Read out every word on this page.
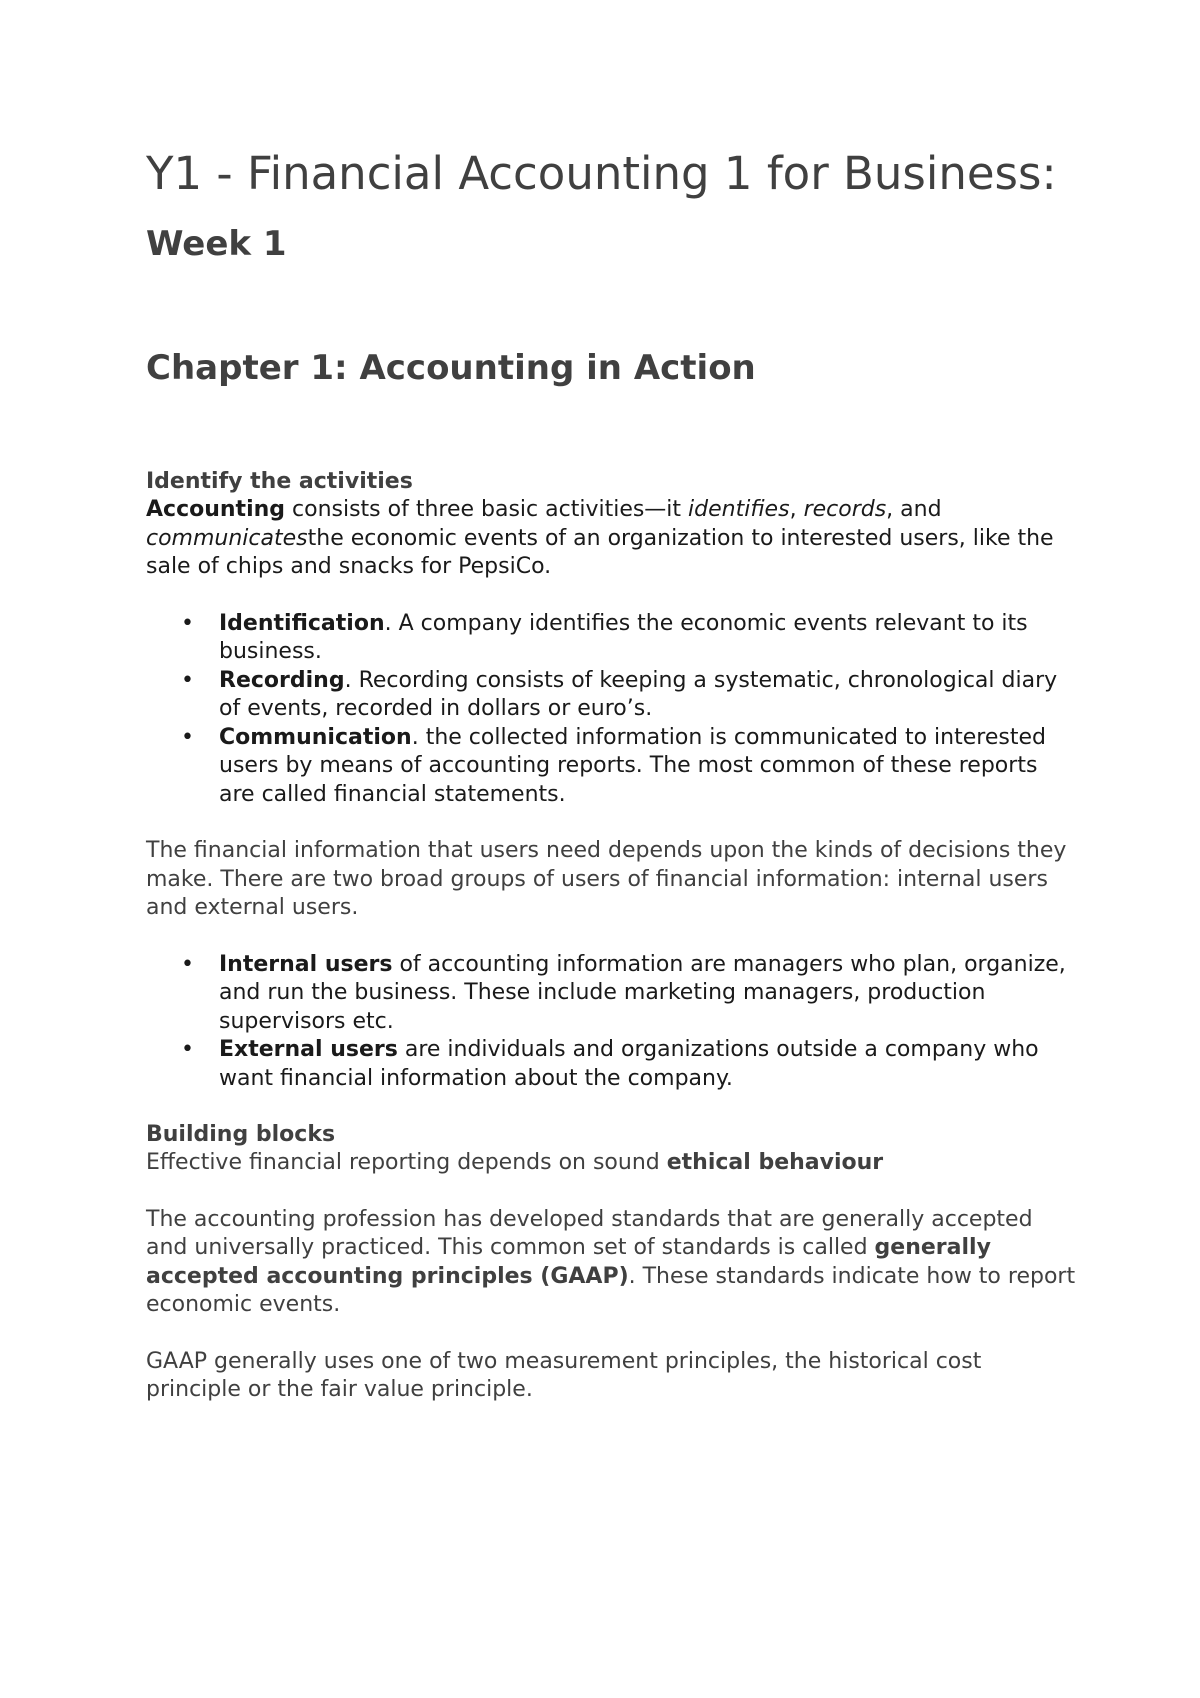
Y1 - Financial Accounting 1 for Business:
Week 1
Chapter 1: Accounting in Action
Identify the activities

Accounting consists of three basic activities—it identifies, records, and communicatesthe economic events of an organization to interested users, like the sale of chips and snacks for PepsiCo.

• Identification. A company identifies the economic events relevant to its business.
• Recording. Recording consists of keeping a systematic, chronological diary of events, recorded in dollars or euro’s.
• Communication. the collected information is communicated to interested users by means of accounting reports. The most common of these reports are called financial statements.

The financial information that users need depends upon the kinds of decisions they make. There are two broad groups of users of financial information: internal users and external users.

• Internal users of accounting information are managers who plan, organize, and run the business. These include marketing managers, production supervisors etc.
• External users are individuals and organizations outside a company who want financial information about the company.
Building blocks

Effective financial reporting depends on sound ethical behaviour

The accounting profession has developed standards that are generally accepted and universally practiced. This common set of standards is called generally accepted accounting principles (GAAP). These standards indicate how to report economic events.

GAAP generally uses one of two measurement principles, the historical cost principle or the fair value principle.
